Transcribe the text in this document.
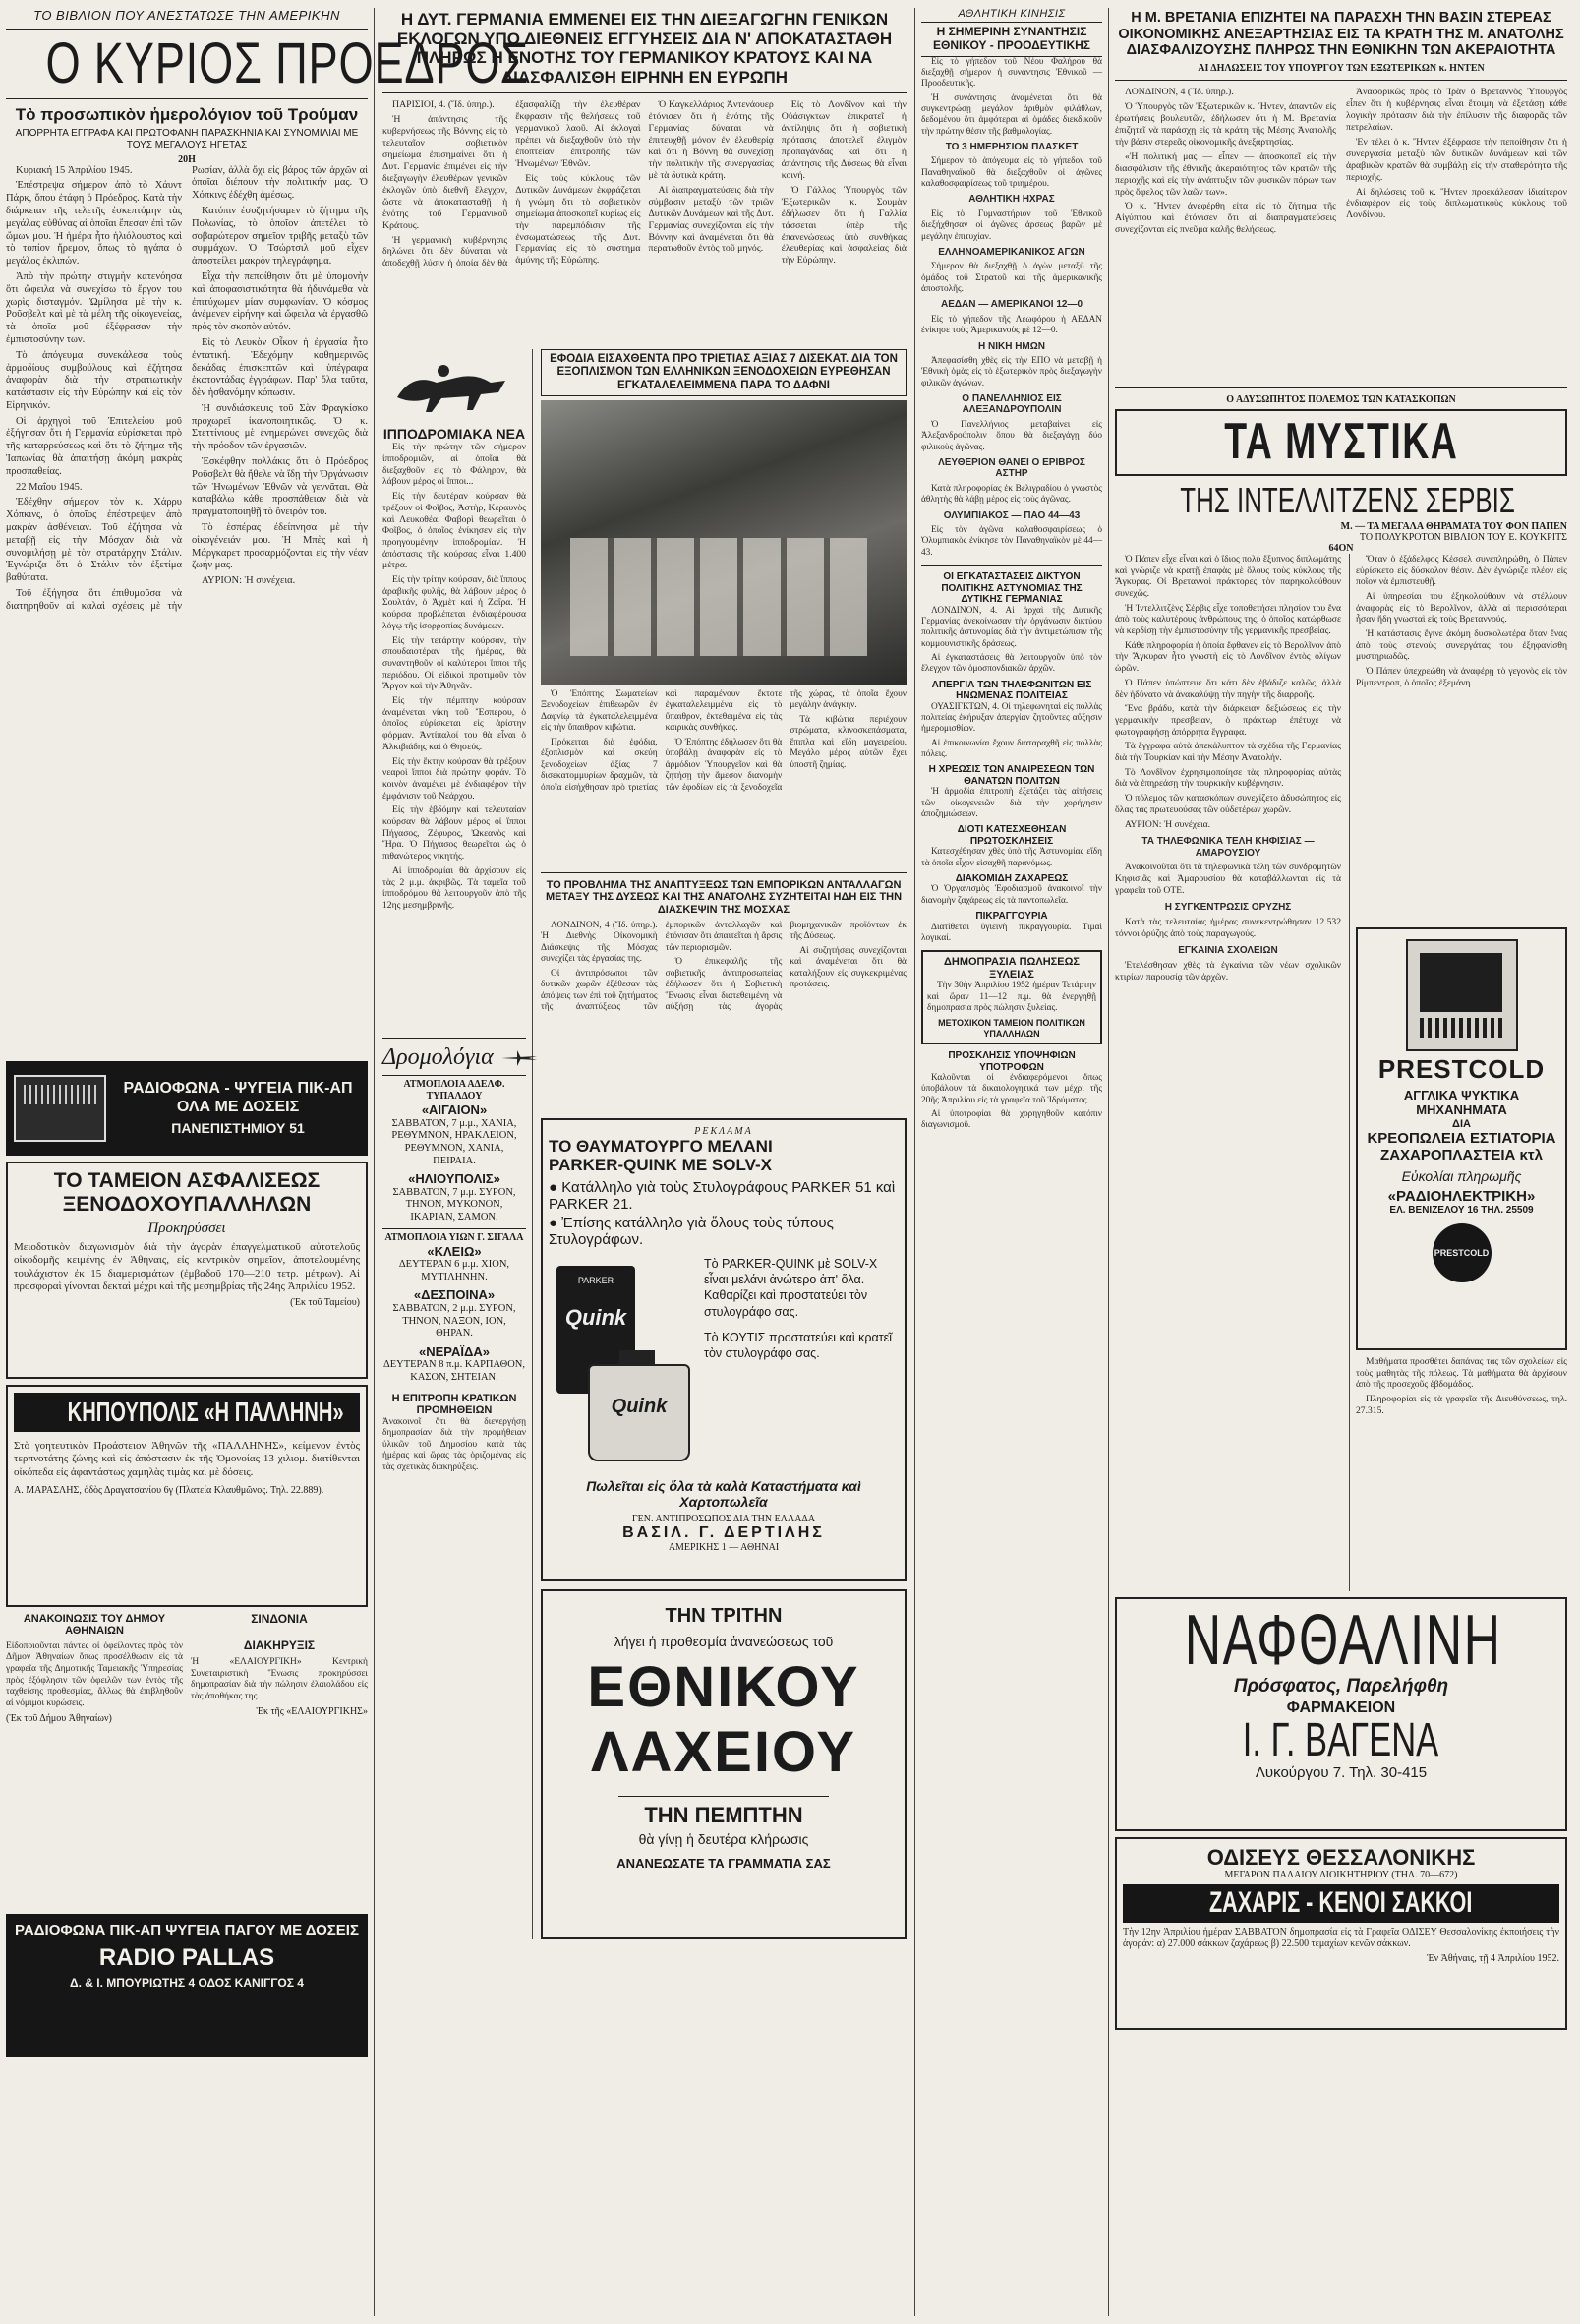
ΤΟ ΒΙΒΛΙΟΝ ΠΟΥ ΑΝΕΣΤΑΤΩΣΕ ΤΗΝ ΑΜΕΡΙΚΗΝ
Ο ΚΥΡΙΟΣ ΠΡΟΕΔΡΟΣ
Τὸ προσωπικὸν ἡμερολόγιον τοῦ Τρούμαν
ΑΠΟΡΡΗΤΑ ΕΓΓΡΑΦΑ ΚΑΙ ΠΡΩΤΟΦΑΝΗ ΠΑΡΑΣΚΗΝΙΑ ΚΑΙ ΣΥΝΟΜΙΛΙΑΙ ΜΕ ΤΟΥΣ ΜΕΓΑΛΟΥΣ ΗΓΕΤΑΣ
20Η

Κυριακή 15 Ἀπριλίου 1945.

Ἐπέστρεψα σήμερον ἀπὸ τὸ Χάυντ Πάρκ, ὅπου ἐτάφη ὁ Πρόεδρος. Κατὰ τὴν διάρκειαν τῆς τελετῆς ἐσκεπτόμην τὰς μεγάλας εὐθύνας αἱ ὁποῖαι ἔπεσαν ἐπὶ τῶν ὤμων μου. Ἡ ἡμέρα ἦτο ἡλιόλουστος καὶ τὸ τοπίον ἤρεμον, ὅπως τὸ ἠγάπα ὁ μεγάλος ἐκλιπών.

Ἀπὸ τὴν πρώτην στιγμὴν κατενόησα ὅτι ὤφειλα νὰ συνεχίσω τὸ ἔργον του χωρὶς δισταγμόν. Ὡμίλησα μὲ τὴν κ. Ροῦσβελτ καὶ μὲ τὰ μέλη τῆς οἰκογενείας, τὰ ὁποῖα μοῦ ἐξέφρασαν τὴν ἐμπιστοσύνην των.

Τὸ ἀπόγευμα συνεκάλεσα τοὺς ἀρμοδίους συμβούλους καὶ ἐζήτησα ἀναφορὰν διὰ τὴν στρατιωτικὴν κατάστασιν εἰς τὴν Εὐρώπην καὶ εἰς τὸν Εἰρηνικόν.

Οἱ ἀρχηγοὶ τοῦ Ἐπιτελείου μοῦ ἐξήγησαν ὅτι ἡ Γερμανία εὑρίσκεται πρὸ τῆς καταρρεύσεως καὶ ὅτι τὸ ζήτημα τῆς Ἰαπωνίας θὰ ἀπαιτήσῃ ἀκόμη μακρὰς προσπαθείας.

22 Μαΐου 1945.

Ἐδέχθην σήμερον τὸν κ. Χάρρυ Χόπκινς, ὁ ὁποῖος ἐπέστρεψεν ἀπὸ μακρὰν ἀσθένειαν. Τοῦ ἐζήτησα νὰ μεταβῇ εἰς τὴν Μόσχαν διὰ νὰ συνομιλήσῃ μὲ τὸν στρατάρχην Στάλιν. Ἐγνώριζα ὅτι ὁ Στάλιν τὸν ἐξετίμα βαθύτατα.

Τοῦ ἐξήγησα ὅτι ἐπιθυμοῦσα νὰ διατηρηθοῦν αἱ καλαὶ σχέσεις μὲ τὴν Ρωσίαν, ἀλλὰ ὄχι εἰς βάρος τῶν ἀρχῶν αἱ ὁποῖαι διέπουν τὴν πολιτικήν μας. Ὁ Χόπκινς ἐδέχθη ἀμέσως.

Κατόπιν ἐσυζητήσαμεν τὸ ζήτημα τῆς Πολωνίας, τὸ ὁποῖον ἀπετέλει τὸ σοβαρώτερον σημεῖον τριβῆς μεταξὺ τῶν συμμάχων. Ὁ Τσώρτσιλ μοῦ εἶχεν ἀποστείλει μακρὸν τηλεγράφημα.

Εἶχα τὴν πεποίθησιν ὅτι μὲ ὑπομονὴν καὶ ἀποφασιστικότητα θὰ ἠδυνάμεθα νὰ ἐπιτύχωμεν μίαν συμφωνίαν. Ὁ κόσμος ἀνέμενεν εἰρήνην καὶ ὤφειλα νὰ ἐργασθῶ πρὸς τὸν σκοπὸν αὐτόν.

Εἰς τὸ Λευκὸν Οἶκον ἡ ἐργασία ἦτο ἐντατική. Ἐδεχόμην καθημερινῶς δεκάδας ἐπισκεπτῶν καὶ ὑπέγραφα ἑκατοντάδας ἐγγράφων. Παρ' ὅλα ταῦτα, δὲν ἠσθανόμην κόπωσιν.

Ἡ συνδιάσκεψις τοῦ Σὰν Φραγκίσκο προχωρεῖ ἱκανοποιητικῶς. Ὁ κ. Στεττίνιους μὲ ἐνημερώνει συνεχῶς διὰ τὴν πρόοδον τῶν ἐργασιῶν.

Ἐσκέφθην πολλάκις ὅτι ὁ Πρόεδρος Ροῦσβελτ θὰ ἤθελε νὰ ἴδῃ τὴν Ὀργάνωσιν τῶν Ἡνωμένων Ἐθνῶν νὰ γεννᾶται. Θὰ καταβάλω κάθε προσπάθειαν διὰ νὰ πραγματοποιηθῇ τὸ ὄνειρόν του.

Τὸ ἑσπέρας ἐδείπνησα μὲ τὴν οἰκογένειάν μου. Ἡ Μπὲς καὶ ἡ Μάργκαρετ προσαρμόζονται εἰς τὴν νέαν ζωήν μας.

ΑΥΡΙΟΝ: Ἡ συνέχεια.

ΡΑΔΙΟΦΩΝΑ - ΨΥΓΕΙΑ ΠΙΚ-ΑΠ ΟΛΑ ΜΕ ΔΟΣΕΙΣ
ΠΑΝΕΠΙΣΤΗΜΙΟΥ 51
ΤΟ ΤΑΜΕΙΟΝ ΑΣΦΑΛΙΣΕΩΣ ΞΕΝΟΔΟΧΟΥΠΑΛΛΗΛΩΝ
Προκηρύσσει
Μειοδοτικὸν διαγωνισμὸν διὰ τὴν ἀγορὰν ἐπαγγελματικοῦ αὐτοτελοῦς οἰκοδομῆς κειμένης ἐν Ἀθήναις, εἰς κεντρικὸν σημεῖον, ἀποτελουμένης τουλάχιστον ἐκ 15 διαμερισμάτων (ἐμβαδοῦ 170—210 τετρ. μέτρων). Αἱ προσφοραὶ γίνονται δεκταὶ μέχρι καὶ τῆς μεσημβρίας τῆς 24ης Ἀπριλίου 1952.
(Ἐκ τοῦ Ταμείου)
ΚΗΠΟΥΠΟΛΙΣ «Η ΠΑΛΛΗΝΗ»
Στὸ γοητευτικὸν Προάστειον Ἀθηνῶν τῆς «ΠΑΛΛΗΝΗΣ», κείμενον ἐντὸς τερπνοτάτης ζώνης καὶ εἰς ἀπόστασιν ἐκ τῆς Ὁμονοίας 13 χιλιομ. διατίθενται οἰκόπεδα εἰς ἀφαντάστως χαμηλὰς τιμὰς καὶ μὲ δόσεις.
Α. ΜΑΡΑΣΛΗΣ, ὁδὸς Δραγατσανίου 6γ (Πλατεία Κλαυθμῶνος. Τηλ. 22.889).
ΑΝΑΚΟΙΝΩΣΙΣ ΤΟΥ ΔΗΜΟΥ ΑΘΗΝΑΙΩΝ
Εἰδοποιοῦνται πάντες οἱ ὀφείλοντες πρὸς τὸν Δῆμον Ἀθηναίων ὅπως προσέλθωσιν εἰς τὰ γραφεῖα τῆς Δημοτικῆς Ταμειακῆς Ὑπηρεσίας πρὸς ἐξόφλησιν τῶν ὀφειλῶν των ἐντὸς τῆς ταχθείσης προθεσμίας, ἄλλως θὰ ἐπιβληθοῦν αἱ νόμιμοι κυρώσεις.
(Ἐκ τοῦ Δήμου Ἀθηναίων)
ΣΙΝΔΟΝΙΑ
ΔΙΑΚΗΡΥΞΙΣ
Ἡ «ΕΛΑΙΟΥΡΓΙΚΗ» Κεντρικὴ Συνεταιριστικὴ Ἕνωσις προκηρύσσει δημοπρασίαν διὰ τὴν πώλησιν ἐλαιολάδου εἰς τὰς ἀποθήκας της.
Ἐκ τῆς «ΕΛΑΙΟΥΡΓΙΚΗΣ»
ΡΑΔΙΟΦΩΝΑ ΠΙΚ-ΑΠ ΨΥΓΕΙΑ ΠΑΓΟΥ ΜΕ ΔΟΣΕΙΣ
RADIO PALLAS
Δ. & Ι. ΜΠΟΥΡΙΩΤΗΣ 4 ΟΔΟΣ ΚΑΝΙΓΓΟΣ 4
Η ΔΥΤ. ΓΕΡΜΑΝΙΑ ΕΜΜΕΝΕΙ ΕΙΣ ΤΗΝ ΔΙΕΞΑΓΩΓΗΝ ΓΕΝΙΚΩΝ ΕΚΛΟΓΩΝ ΥΠΟ ΔΙΕΘΝΕΙΣ ΕΓΓΥΗΣΕΙΣ ΔΙΑ Ν' ΑΠΟΚΑΤΑΣΤΑΘΗ ΠΛΗΡΩΣ Η ΕΝΟΤΗΣ ΤΟΥ ΓΕΡΜΑΝΙΚΟΥ ΚΡΑΤΟΥΣ ΚΑΙ ΝΑ ΔΙΑΣΦΑΛΙΣΘΗ ΕΙΡΗΝΗ ΕΝ ΕΥΡΩΠΗ

ΠΑΡΙΣΙΟΙ, 4. (Ἴδ. ὑπηρ.).

Ἡ ἀπάντησις τῆς κυβερνήσεως τῆς Βόννης εἰς τὸ τελευταῖον σοβιετικὸν σημείωμα ἐπισημαίνει ὅτι ἡ Δυτ. Γερμανία ἐπιμένει εἰς τὴν διεξαγωγὴν ἐλευθέρων γενικῶν ἐκλογῶν ὑπὸ διεθνῆ ἔλεγχον, ὥστε νὰ ἀποκατασταθῇ ἡ ἑνότης τοῦ Γερμανικοῦ Κράτους.

Ἡ γερμανικὴ κυβέρνησις δηλώνει ὅτι δὲν δύναται νὰ ἀποδεχθῇ λύσιν ἡ ὁποία δὲν θὰ ἐξασφαλίζῃ τὴν ἐλευθέραν ἔκφρασιν τῆς θελήσεως τοῦ γερμανικοῦ λαοῦ. Αἱ ἐκλογαὶ πρέπει νὰ διεξαχθοῦν ὑπὸ τὴν ἐποπτείαν ἐπιτροπῆς τῶν Ἡνωμένων Ἐθνῶν.

Εἰς τοὺς κύκλους τῶν Δυτικῶν Δυνάμεων ἐκφράζεται ἡ γνώμη ὅτι τὸ σοβιετικὸν σημείωμα ἀποσκοπεῖ κυρίως εἰς τὴν παρεμπόδισιν τῆς ἐνσωματώσεως τῆς Δυτ. Γερμανίας εἰς τὸ σύστημα ἀμύνης τῆς Εὐρώπης.

Ὁ Καγκελλάριος Ἀντενάουερ ἐτόνισεν ὅτι ἡ ἑνότης τῆς Γερμανίας δύναται νὰ ἐπιτευχθῇ μόνον ἐν ἐλευθερίᾳ καὶ ὅτι ἡ Βόννη θὰ συνεχίσῃ τὴν πολιτικὴν τῆς συνεργασίας μὲ τὰ δυτικὰ κράτη.

Αἱ διαπραγματεύσεις διὰ τὴν σύμβασιν μεταξὺ τῶν τριῶν Δυτικῶν Δυνάμεων καὶ τῆς Δυτ. Γερμανίας συνεχίζονται εἰς τὴν Βόννην καὶ ἀναμένεται ὅτι θὰ περατωθοῦν ἐντὸς τοῦ μηνός.

Εἰς τὸ Λονδῖνον καὶ τὴν Οὐάσιγκτων ἐπικρατεῖ ἡ ἀντίληψις ὅτι ἡ σοβιετικὴ πρότασις ἀποτελεῖ ἐλιγμὸν προπαγάνδας καὶ ὅτι ἡ ἀπάντησις τῆς Δύσεως θὰ εἶναι κοινή.

Ὁ Γάλλος Ὑπουργὸς τῶν Ἐξωτερικῶν κ. Σουμὰν ἐδήλωσεν ὅτι ἡ Γαλλία τάσσεται ὑπὲρ τῆς ἐπανενώσεως ὑπὸ συνθήκας ἐλευθερίας καὶ ἀσφαλείας διὰ τὴν Εὐρώπην.

ΙΠΠΟΔΡΟΜΙΑΚΑ ΝΕΑ

Εἰς τὴν πρώτην τῶν σήμερον ἱπποδρομιῶν, αἱ ὁποῖαι θὰ διεξαχθοῦν εἰς τὸ Φάληρον, θὰ λάβουν μέρος οἱ ἵπποι...

Εἰς τὴν δευτέραν κούρσαν θὰ τρέξουν οἱ Φοῖβος, Ἀστὴρ, Κεραυνὸς καὶ Λευκοθέα. Φαβορὶ θεωρεῖται ὁ Φοῖβος, ὁ ὁποῖος ἐνίκησεν εἰς τὴν προηγουμένην ἱπποδρομίαν. Ἡ ἀπόστασις τῆς κούρσας εἶναι 1.400 μέτρα.

Εἰς τὴν τρίτην κούρσαν, διὰ ἵππους ἀραβικῆς φυλῆς, θὰ λάβουν μέρος ὁ Σουλτάν, ὁ Ἀχμὲτ καὶ ἡ Ζαΐρα. Ἡ κούρσα προβλέπεται ἐνδιαφέρουσα λόγῳ τῆς ἰσορροπίας δυνάμεων.

Εἰς τὴν τετάρτην κούρσαν, τὴν σπουδαιοτέραν τῆς ἡμέρας, θὰ συναντηθοῦν οἱ καλύτεροι ἵπποι τῆς περιόδου. Οἱ εἰδικοὶ προτιμοῦν τὸν Ἄργον καὶ τὴν Ἀθηνᾶν.

Εἰς τὴν πέμπτην κούρσαν ἀναμένεται νίκη τοῦ Ἔσπερου, ὁ ὁποῖος εὑρίσκεται εἰς ἀρίστην φόρμαν. Ἀντίπαλοί του θὰ εἶναι ὁ Ἀλκιβιάδης καὶ ὁ Θησεύς.

Εἰς τὴν ἕκτην κούρσαν θὰ τρέξουν νεαροὶ ἵπποι διὰ πρώτην φοράν. Τὸ κοινὸν ἀναμένει μὲ ἐνδιαφέρον τὴν ἐμφάνισιν τοῦ Νεάρχου.

Εἰς τὴν ἑβδόμην καὶ τελευταίαν κούρσαν θὰ λάβουν μέρος οἱ ἵπποι Πήγασος, Ζέφυρος, Ὠκεανὸς καὶ Ἥρα. Ὁ Πήγασος θεωρεῖται ὡς ὁ πιθανώτερος νικητής.

Αἱ ἱπποδρομίαι θὰ ἀρχίσουν εἰς τὰς 2 μ.μ. ἀκριβῶς. Τὰ ταμεῖα τοῦ ἱπποδρόμου θὰ λειτουργοῦν ἀπὸ τῆς 12ης μεσημβρινῆς.

Δρομολόγια
ΑΤΜΟΠΛΟΙΑ ΑΔΕΛΦ. ΤΥΠΑΛΔΟΥ
«ΑΙΓΑΙΟΝ»
ΣΑΒΒΑΤΟΝ, 7 μ.μ., ΧΑΝΙΑ, ΡΕΘΥΜΝΟΝ, ΗΡΑΚΛΕΙΟΝ, ΡΕΘΥΜΝΟΝ, ΧΑΝΙΑ, ΠΕΙΡΑΙΑ.
«ΗΛΙΟΥΠΟΛΙΣ»
ΣΑΒΒΑΤΟΝ, 7 μ.μ. ΣΥΡΟΝ, ΤΗΝΟΝ, ΜΥΚΟΝΟΝ, ΙΚΑΡΙΑΝ, ΣΑΜΟΝ.
ΑΤΜΟΠΛΟΙΑ ΥΙΩΝ Γ. ΣΙΓΑΛΑ
«ΚΛΕΙΩ»
ΔΕΥΤΕΡΑΝ 6 μ.μ. ΧΙΟΝ, ΜΥΤΙΛΗΝΗΝ.
«ΔΕΣΠΟΙΝΑ»
ΣΑΒΒΑΤΟΝ, 2 μ.μ. ΣΥΡΟΝ, ΤΗΝΟΝ, ΝΑΞΟΝ, ΙΟΝ, ΘΗΡΑΝ.
«ΝΕΡΑΪΔΑ»
ΔΕΥΤΕΡΑΝ 8 π.μ. ΚΑΡΠΑΘΟΝ, ΚΑΣΟΝ, ΣΗΤΕΙΑΝ.
Η ΕΠΙΤΡΟΠΗ ΚΡΑΤΙΚΩΝ ΠΡΟΜΗΘΕΙΩΝ
Ἀνακοινοῖ ὅτι θὰ διενεργήσῃ δημοπρασίαν διὰ τὴν προμήθειαν ὑλικῶν τοῦ Δημοσίου κατὰ τὰς ἡμέρας καὶ ὥρας τὰς ὁριζομένας εἰς τὰς σχετικὰς διακηρύξεις.
ΕΦΟΔΙΑ ΕΙΣΑΧΘΕΝΤΑ ΠΡΟ ΤΡΙΕΤΙΑΣ ΑΞΙΑΣ 7 ΔΙΣΕΚΑΤ. ΔΙΑ ΤΟΝ ΕΞΟΠΛΙΣΜΟΝ ΤΩΝ ΕΛΛΗΝΙΚΩΝ ΞΕΝΟΔΟΧΕΙΩΝ ΕΥΡΕΘΗΣΑΝ ΕΓΚΑΤΑΛΕΛΕΙΜΜΕΝΑ ΠΑΡΑ ΤΟ ΔΑΦΝΙ

Ὁ Ἐπόπτης Σωματείων Ξενοδοχείων ἐπιθεωρῶν ἐν Δαφνίῳ τὰ ἐγκαταλελειμμένα εἰς τὴν ὕπαιθρον κιβώτια.

Πρόκειται διὰ ἐφόδια, ἐξοπλισμὸν καὶ σκεύη ξενοδοχείων ἀξίας 7 δισεκατομμυρίων δραχμῶν, τὰ ὁποῖα εἰσήχθησαν πρὸ τριετίας καὶ παραμένουν ἔκτοτε ἐγκαταλελειμμένα εἰς τὸ ὕπαιθρον, ἐκτεθειμένα εἰς τὰς καιρικὰς συνθήκας.

Ὁ Ἐπόπτης ἐδήλωσεν ὅτι θὰ ὑποβάλῃ ἀναφορὰν εἰς τὸ ἁρμόδιον Ὑπουργεῖον καὶ θὰ ζητήσῃ τὴν ἄμεσον διανομὴν τῶν ἐφοδίων εἰς τὰ ξενοδοχεῖα τῆς χώρας, τὰ ὁποῖα ἔχουν μεγάλην ἀνάγκην.

Τὰ κιβώτια περιέχουν στρώματα, κλινοσκεπάσματα, ἔπιπλα καὶ εἴδη μαγειρείου. Μεγάλο μέρος αὐτῶν ἔχει ὑποστῆ ζημίας.

ΤΟ ΠΡΟΒΛΗΜΑ ΤΗΣ ΑΝΑΠΤΥΞΕΩΣ ΤΩΝ ΕΜΠΟΡΙΚΩΝ ΑΝΤΑΛΛΑΓΩΝ ΜΕΤΑΞΥ ΤΗΣ ΔΥΣΕΩΣ ΚΑΙ ΤΗΣ ΑΝΑΤΟΛΗΣ ΣΥΖΗΤΕΙΤΑΙ ΗΔΗ ΕΙΣ ΤΗΝ ΔΙΑΣΚΕΨΙΝ ΤΗΣ ΜΟΣΧΑΣ

ΛΟΝΔΙΝΟΝ, 4 (Ἴδ. ὑπηρ.). Ἡ Διεθνὴς Οἰκονομικὴ Διάσκεψις τῆς Μόσχας συνεχίζει τὰς ἐργασίας της.

Οἱ ἀντιπρόσωποι τῶν δυτικῶν χωρῶν ἐξέθεσαν τὰς ἀπόψεις των ἐπὶ τοῦ ζητήματος τῆς ἀναπτύξεως τῶν ἐμπορικῶν ἀνταλλαγῶν καὶ ἐτόνισαν ὅτι ἀπαιτεῖται ἡ ἄρσις τῶν περιορισμῶν.

Ὁ ἐπικεφαλῆς τῆς σοβιετικῆς ἀντιπροσωπείας ἐδήλωσεν ὅτι ἡ Σοβιετικὴ Ἕνωσις εἶναι διατεθειμένη νὰ αὐξήσῃ τὰς ἀγορὰς βιομηχανικῶν προϊόντων ἐκ τῆς Δύσεως.

Αἱ συζητήσεις συνεχίζονται καὶ ἀναμένεται ὅτι θὰ καταλήξουν εἰς συγκεκριμένας προτάσεις.

ΡΕΚΛΑΜΑ
ΤΟ ΘΑΥΜΑΤΟΥΡΓΟ ΜΕΛΑΝΙ
PARKER-QUINK ΜΕ SOLV-X
● Κατάλληλο γιὰ τοὺς Στυλογράφους PARKER 51 καὶ PARKER 21.
● Ἐπίσης κατάλληλο γιὰ ὅλους τοὺς τύπους Στυλογράφων.
PARKER
Quink
Quink
Τὸ PARKER-QUINK μὲ SOLV-X εἶναι μελάνι ἀνώτερο ἀπ' ὅλα. Καθαρίζει καὶ προστατεύει τὸν στυλογράφο σας.
Τὸ ΚΟΥΤΙΣ προστατεύει καὶ κρατεῖ τὸν στυλογράφο σας.
Πωλεῖται εἰς ὅλα τὰ καλὰ Καταστήματα καὶ Χαρτοπωλεῖα
ΓΕΝ. ΑΝΤΙΠΡΟΣΩΠΟΣ ΔΙΑ ΤΗΝ ΕΛΛΑΔΑ
ΒΑΣΙΛ. Γ. ΔΕΡΤΙΛΗΣ
ΑΜΕΡΙΚΗΣ 1 — ΑΘΗΝΑΙ
ΤΗΝ ΤΡΙΤΗΝ
λήγει ἡ προθεσμία ἀνανεώσεως τοῦ
ΕΘΝΙΚΟΥ
ΛΑΧΕΙΟΥ
ΤΗΝ ΠΕΜΠΤΗΝ
θὰ γίνῃ ἡ δευτέρα κλήρωσις
ΑΝΑΝΕΩΣΑΤΕ ΤΑ ΓΡΑΜΜΑΤΙΑ ΣΑΣ
ΑΘΛΗΤΙΚΗ ΚΙΝΗΣΙΣ
Η ΣΗΜΕΡΙΝΗ ΣΥΝΑΝΤΗΣΙΣ ΕΘΝΙΚΟΥ - ΠΡΟΟΔΕΥΤΙΚΗΣ

Εἰς τὸ γήπεδον τοῦ Νέου Φαλήρου θὰ διεξαχθῇ σήμερον ἡ συνάντησις Ἐθνικοῦ — Προοδευτικῆς.

Ἡ συνάντησις ἀναμένεται ὅτι θὰ συγκεντρώσῃ μεγάλον ἀριθμὸν φιλάθλων, δεδομένου ὅτι ἀμφότεραι αἱ ὁμάδες διεκδικοῦν τὴν πρώτην θέσιν τῆς βαθμολογίας.

ΤΟ 3 ΗΜΕΡΗΣΙΟΝ ΠΛΑΣΚΕΤ

Σήμερον τὸ ἀπόγευμα εἰς τὸ γήπεδον τοῦ Παναθηναϊκοῦ θὰ διεξαχθοῦν οἱ ἀγῶνες καλαθοσφαιρίσεως τοῦ τριημέρου.

ΑΘΛΗΤΙΚΗ ΗΧΡΑΣ

Εἰς τὸ Γυμναστήριον τοῦ Ἐθνικοῦ διεξήχθησαν οἱ ἀγῶνες ἀρσεως βαρῶν μὲ μεγάλην ἐπιτυχίαν.

ΕΛΛΗΝΟΑΜΕΡΙΚΑΝΙΚΟΣ ΑΓΩΝ

Σήμερον θὰ διεξαχθῇ ὁ ἀγὼν μεταξὺ τῆς ὁμάδος τοῦ Στρατοῦ καὶ τῆς ἀμερικανικῆς ἀποστολῆς.

ΑΕΔΑΝ — ΑΜΕΡΙΚΑΝΟΙ 12—0

Εἰς τὸ γήπεδον τῆς Λεωφόρου ἡ ΑΕΔΑΝ ἐνίκησε τοὺς Ἀμερικανοὺς μὲ 12—0.

Η ΝΙΚΗ ΗΜΩΝ

Ἀπεφασίσθη χθὲς εἰς τὴν ΕΠΟ νὰ μεταβῇ ἡ Ἐθνικὴ ὁμὰς εἰς τὸ ἐξωτερικὸν πρὸς διεξαγωγὴν φιλικῶν ἀγώνων.

Ο ΠΑΝΕΛΛΗΝΙΟΣ ΕΙΣ ΑΛΕΞΑΝΔΡΟΥΠΟΛΙΝ

Ὁ Πανελλήνιος μεταβαίνει εἰς Ἀλεξανδρούπολιν ὅπου θὰ διεξαγάγῃ δύο φιλικοὺς ἀγῶνας.

ΛΕΥΘΕΡΙΟΝ ΘΑΝΕΙ Ο ΕΡΙΒΡΟΣ ΑΣΤΗΡ

Κατὰ πληροφορίας ἐκ Βελιγραδίου ὁ γνωστὸς ἀθλητὴς θὰ λάβῃ μέρος εἰς τοὺς ἀγῶνας.

ΟΛΥΜΠΙΑΚΟΣ — ΠΑΟ 44—43

Εἰς τὸν ἀγῶνα καλαθοσφαιρίσεως ὁ Ὀλυμπιακὸς ἐνίκησε τὸν Παναθηναϊκὸν μὲ 44—43.

ΟΙ ΕΓΚΑΤΑΣΤΑΣΕΙΣ ΔΙΚΤΥΟΝ ΠΟΛΙΤΙΚΗΣ ΑΣΤΥΝΟΜΙΑΣ ΤΗΣ ΔΥΤΙΚΗΣ ΓΕΡΜΑΝΙΑΣ

ΛΟΝΔΙΝΟΝ, 4. Αἱ ἀρχαὶ τῆς Δυτικῆς Γερμανίας ἀνεκοίνωσαν τὴν ὀργάνωσιν δικτύου πολιτικῆς ἀστυνομίας διὰ τὴν ἀντιμετώπισιν τῆς κομμουνιστικῆς δράσεως.

Αἱ ἐγκαταστάσεις θὰ λειτουργοῦν ὑπὸ τὸν ἔλεγχον τῶν ὁμοσπονδιακῶν ἀρχῶν.

ΑΠΕΡΓΙΑ ΤΩΝ ΤΗΛΕΦΩΝΙΤΩΝ ΕΙΣ ΗΝΩΜΕΝΑΣ ΠΟΛΙΤΕΙΑΣ

ΟΥΑΣΙΓΚΤΩΝ, 4. Οἱ τηλεφωνηταὶ εἰς πολλὰς πολιτείας ἐκήρυξαν ἀπεργίαν ζητοῦντες αὔξησιν ἡμερομισθίων.

Αἱ ἐπικοινωνίαι ἔχουν διαταραχθῆ εἰς πολλὰς πόλεις.

Η ΧΡΕΩΣΙΣ ΤΩΝ ΑΝΑΙΡΕΣΕΩΝ ΤΩΝ ΘΑΝΑΤΩΝ ΠΟΛΙΤΩΝ

Ἡ ἀρμοδία ἐπιτροπὴ ἐξετάζει τὰς αἰτήσεις τῶν οἰκογενειῶν διὰ τὴν χορήγησιν ἀποζημιώσεων.

ΔΙΟΤΙ ΚΑΤΕΣΧΕΘΗΣΑΝ ΠΡΩΤΟΣΚΛΗΣΕΙΣ

Κατεσχέθησαν χθὲς ὑπὸ τῆς Ἀστυνομίας εἴδη τὰ ὁποῖα εἶχον εἰσαχθῆ παρανόμως.

ΔΙΑΚΟΜΙΔΗ ΖΑΧΑΡΕΩΣ

Ὁ Ὀργανισμὸς Ἐφοδιασμοῦ ἀνακοινοῖ τὴν διανομὴν ζαχάρεως εἰς τὰ παντοπωλεῖα.

ΠΙΚΡΑΓΓΟΥΡΙΑ

Διατίθεται ὑγιεινὴ πικραγγουρία. Τιμαὶ λογικαί.

ΔΗΜΟΠΡΑΣΙΑ ΠΩΛΗΣΕΩΣ ΞΥΛΕΙΑΣ

Τὴν 30ὴν Ἀπριλίου 1952 ἡμέραν Τετάρτην καὶ ὥραν 11—12 π.μ. θὰ ἐνεργηθῇ δημοπρασία πρὸς πώλησιν ξυλείας.

ΜΕΤΟΧΙΚΟΝ ΤΑΜΕΙΟΝ ΠΟΛΙΤΙΚΩΝ ΥΠΑΛΛΗΛΩΝ
ΠΡΟΣΚΛΗΣΙΣ ΥΠΟΨΗΦΙΩΝ ΥΠΟΤΡΟΦΩΝ

Καλοῦνται οἱ ἐνδιαφερόμενοι ὅπως ὑποβάλουν τὰ δικαιολογητικά των μέχρι τῆς 20ῆς Ἀπριλίου εἰς τὰ γραφεῖα τοῦ Ἱδρύματος.

Αἱ ὑποτροφίαι θὰ χορηγηθοῦν κατόπιν διαγωνισμοῦ.

Η Μ. ΒΡΕΤΑΝΙΑ ΕΠΙΖΗΤΕΙ ΝΑ ΠΑΡΑΣΧΗ ΤΗΝ ΒΑΣΙΝ ΣΤΕΡΕΑΣ ΟΙΚΟΝΟΜΙΚΗΣ ΑΝΕΞΑΡΤΗΣΙΑΣ ΕΙΣ ΤΑ ΚΡΑΤΗ ΤΗΣ Μ. ΑΝΑΤΟΛΗΣ ΔΙΑΣΦΑΛΙΖΟΥΣΗΣ ΠΛΗΡΩΣ ΤΗΝ ΕΘΝΙΚΗΝ ΤΩΝ ΑΚΕΡΑΙΟΤΗΤΑ
ΑΙ ΔΗΛΩΣΕΙΣ ΤΟΥ ΥΠΟΥΡΓΟΥ ΤΩΝ ΕΞΩΤΕΡΙΚΩΝ κ. ΗΝΤΕΝ

ΛΟΝΔΙΝΟΝ, 4 (Ἴδ. ὑπηρ.).

Ὁ Ὑπουργὸς τῶν Ἐξωτερικῶν κ. Ἤντεν, ἀπαντῶν εἰς ἐρωτήσεις βουλευτῶν, ἐδήλωσεν ὅτι ἡ Μ. Βρετανία ἐπιζητεῖ νὰ παράσχῃ εἰς τὰ κράτη τῆς Μέσης Ἀνατολῆς τὴν βάσιν στερεᾶς οἰκονομικῆς ἀνεξαρτησίας.

«Ἡ πολιτική μας — εἶπεν — ἀποσκοπεῖ εἰς τὴν διασφάλισιν τῆς ἐθνικῆς ἀκεραιότητος τῶν κρατῶν τῆς περιοχῆς καὶ εἰς τὴν ἀνάπτυξιν τῶν φυσικῶν πόρων των πρὸς ὄφελος τῶν λαῶν των».

Ὁ κ. Ἤντεν ἀνεφέρθη εἰτα εἰς τὸ ζήτημα τῆς Αἰγύπτου καὶ ἐτόνισεν ὅτι αἱ διαπραγματεύσεις συνεχίζονται εἰς πνεῦμα καλῆς θελήσεως.

Ἀναφορικῶς πρὸς τὸ Ἰρὰν ὁ Βρεταννὸς Ὑπουργὸς εἶπεν ὅτι ἡ κυβέρνησις εἶναι ἕτοιμη νὰ ἐξετάσῃ κάθε λογικὴν πρότασιν διὰ τὴν ἐπίλυσιν τῆς διαφορᾶς τῶν πετρελαίων.

Ἐν τέλει ὁ κ. Ἤντεν ἐξέφρασε τὴν πεποίθησιν ὅτι ἡ συνεργασία μεταξὺ τῶν δυτικῶν δυνάμεων καὶ τῶν ἀραβικῶν κρατῶν θὰ συμβάλῃ εἰς τὴν σταθερότητα τῆς περιοχῆς.

Αἱ δηλώσεις τοῦ κ. Ἤντεν προεκάλεσαν ἰδιαίτερον ἐνδιαφέρον εἰς τοὺς διπλωματικοὺς κύκλους τοῦ Λονδίνου.

Ο ΑΔΥΣΩΠΗΤΟΣ ΠΟΛΕΜΟΣ ΤΩΝ ΚΑΤΑΣΚΟΠΩΝ
ΤΑ ΜΥΣΤΙΚΑ
ΤΗΣ ΙΝΤΕΛΛΙΤΖΕΝΣ ΣΕΡΒΙΣ
Μ. — ΤΑ ΜΕΓΑΛΑ ΘΗΡΑΜΑΤΑ ΤΟΥ ΦΟΝ ΠΑΠΕΝ
ΤΟ ΠΟΛΥΚΡΟΤΟΝ ΒΙΒΛΙΟΝ ΤΟΥ Ε. ΚΟΥΚΡΙΤΣ
64ΟΝ

Ὁ Πάπεν εἶχε εἶναι καὶ ὁ ἴδιος πολὺ ἔξυπνος διπλωμάτης καὶ γνώριζε νὰ κρατῇ ἐπαφὰς μὲ ὅλους τοὺς κύκλους τῆς Ἄγκυρας. Οἱ Βρεταννοὶ πράκτορες τὸν παρηκολούθουν συνεχῶς.

Ἡ Ἰντελλιτζὲνς Σέρβις εἶχε τοποθετήσει πλησίον του ἕνα ἀπὸ τοὺς καλυτέρους ἀνθρώπους της, ὁ ὁποῖος κατώρθωσε νὰ κερδίσῃ τὴν ἐμπιστοσύνην τῆς γερμανικῆς πρεσβείας.

Κάθε πληροφορία ἡ ὁποία ἔφθανεν εἰς τὸ Βερολῖνον ἀπὸ τὴν Ἄγκυραν ἦτο γνωστὴ εἰς τὸ Λονδῖνον ἐντὸς ὀλίγων ὡρῶν.

Ὁ Πάπεν ὑπώπτευε ὅτι κάτι δὲν ἐβάδιζε καλῶς, ἀλλὰ δὲν ἠδύνατο νὰ ἀνακαλύψῃ τὴν πηγὴν τῆς διαρροῆς.

Ἕνα βράδυ, κατὰ τὴν διάρκειαν δεξιώσεως εἰς τὴν γερμανικὴν πρεσβείαν, ὁ πράκτωρ ἐπέτυχε νὰ φωτογραφήσῃ ἀπόρρητα ἔγγραφα.

Τὰ ἔγγραφα αὐτὰ ἀπεκάλυπτον τὰ σχέδια τῆς Γερμανίας διὰ τὴν Τουρκίαν καὶ τὴν Μέσην Ἀνατολήν.

Τὸ Λονδῖνον ἐχρησιμοποίησε τὰς πληροφορίας αὐτὰς διὰ νὰ ἐπηρεάσῃ τὴν τουρκικὴν κυβέρνησιν.

Ὁ πόλεμος τῶν κατασκόπων συνεχίζετο ἀδυσώπητος εἰς ὅλας τὰς πρωτευούσας τῶν οὐδετέρων χωρῶν.

ΑΥΡΙΟΝ: Ἡ συνέχεια.

ΤΑ ΤΗΛΕΦΩΝΙΚΑ ΤΕΛΗ ΚΗΦΙΣΙΑΣ — ΑΜΑΡΟΥΣΙΟΥ

Ἀνακοινοῦται ὅτι τὰ τηλεφωνικὰ τέλη τῶν συνδρομητῶν Κηφισιᾶς καὶ Ἀμαρουσίου θὰ καταβάλλωνται εἰς τὰ γραφεῖα τοῦ ΟΤΕ.

Η ΣΥΓΚΕΝΤΡΩΣΙΣ ΟΡΥΖΗΣ

Κατὰ τὰς τελευταίας ἡμέρας συνεκεντρώθησαν 12.532 τόννοι ὀρύζης ἀπὸ τοὺς παραγωγούς.

ΕΓΚΑΙΝΙΑ ΣΧΟΛΕΙΩΝ

Ἐτελέσθησαν χθὲς τὰ ἐγκαίνια τῶν νέων σχολικῶν κτιρίων παρουσίᾳ τῶν ἀρχῶν.

Ὅταν ὁ ἐξάδελφος Κέσσελ συνεπληρώθη, ὁ Πάπεν εὑρίσκετο εἰς δύσκολον θέσιν. Δὲν ἐγνώριζε πλέον εἰς ποῖον νὰ ἐμπιστευθῇ.

Αἱ ὑπηρεσίαι του ἐξηκολούθουν νὰ στέλλουν ἀναφορὰς εἰς τὸ Βερολῖνον, ἀλλὰ αἱ περισσότεραι ἦσαν ἤδη γνωσταὶ εἰς τοὺς Βρεταννούς.

Ἡ κατάστασις ἔγινε ἀκόμη δυσκολωτέρα ὅταν ἕνας ἀπὸ τοὺς στενοὺς συνεργάτας του ἐξηφανίσθη μυστηριωδῶς.

Ὁ Πάπεν ὑπεχρεώθη νὰ ἀναφέρῃ τὸ γεγονὸς εἰς τὸν Ρίμπεντροπ, ὁ ὁποῖος ἐξεμάνη.

PRESTCOLD
ΑΓΓΛΙΚΑ ΨΥΚΤΙΚΑ ΜΗΧΑΝΗΜΑΤΑ
ΔΙΑ
ΚΡΕΟΠΩΛΕΙΑ ΕΣΤΙΑΤΟΡΙΑ ΖΑΧΑΡΟΠΛΑΣΤΕΙΑ κτλ
Εὐκολίαι πληρωμῆς
«ΡΑΔΙΟΗΛΕΚΤΡΙΚΗ»
ΕΛ. ΒΕΝΙΖΕΛΟΥ 16 ΤΗΛ. 25509
PRESTCOLD

Μαθήματα προσθέτει δαπάνας τὰς τῶν σχολείων εἰς τοὺς μαθητὰς τῆς πόλεως. Τὰ μαθήματα θὰ ἀρχίσουν ἀπὸ τῆς προσεχοῦς ἑβδομάδος.

Πληροφορίαι εἰς τὰ γραφεῖα τῆς Διευθύνσεως, τηλ. 27.315.

ΝΑΦΘΑΛΙΝΗ
Πρόσφατος, Παρελήφθη
ΦΑΡΜΑΚΕΙΟΝ
Ι. Γ. ΒΑΓΕΝΑ
Λυκούργου 7. Τηλ. 30-415
ΟΔΙΣΕΥΣ ΘΕΣΣΑΛΟΝΙΚΗΣ
ΜΕΓΑΡΟΝ ΠΑΛΑΙΟΥ ΔΙΟΙΚΗΤΗΡΙΟΥ (ΤΗΛ. 70—672)
ΖΑΧΑΡΙΣ - ΚΕΝΟΙ ΣΑΚΚΟΙ
Τὴν 12ην Ἀπριλίου ἡμέραν ΣΑΒΒΑΤΟΝ δημοπρασία εἰς τὰ Γραφεῖα ΟΔΙΣΕΥ Θεσσαλονίκης ἐκποιήσεις τὴν ἀγοράν: α) 27.000 σάκκων ζαχάρεως β) 22.500 τεμαχίων κενῶν σάκκων.
Ἐν Ἀθήναις, τῇ 4 Ἀπριλίου 1952.
